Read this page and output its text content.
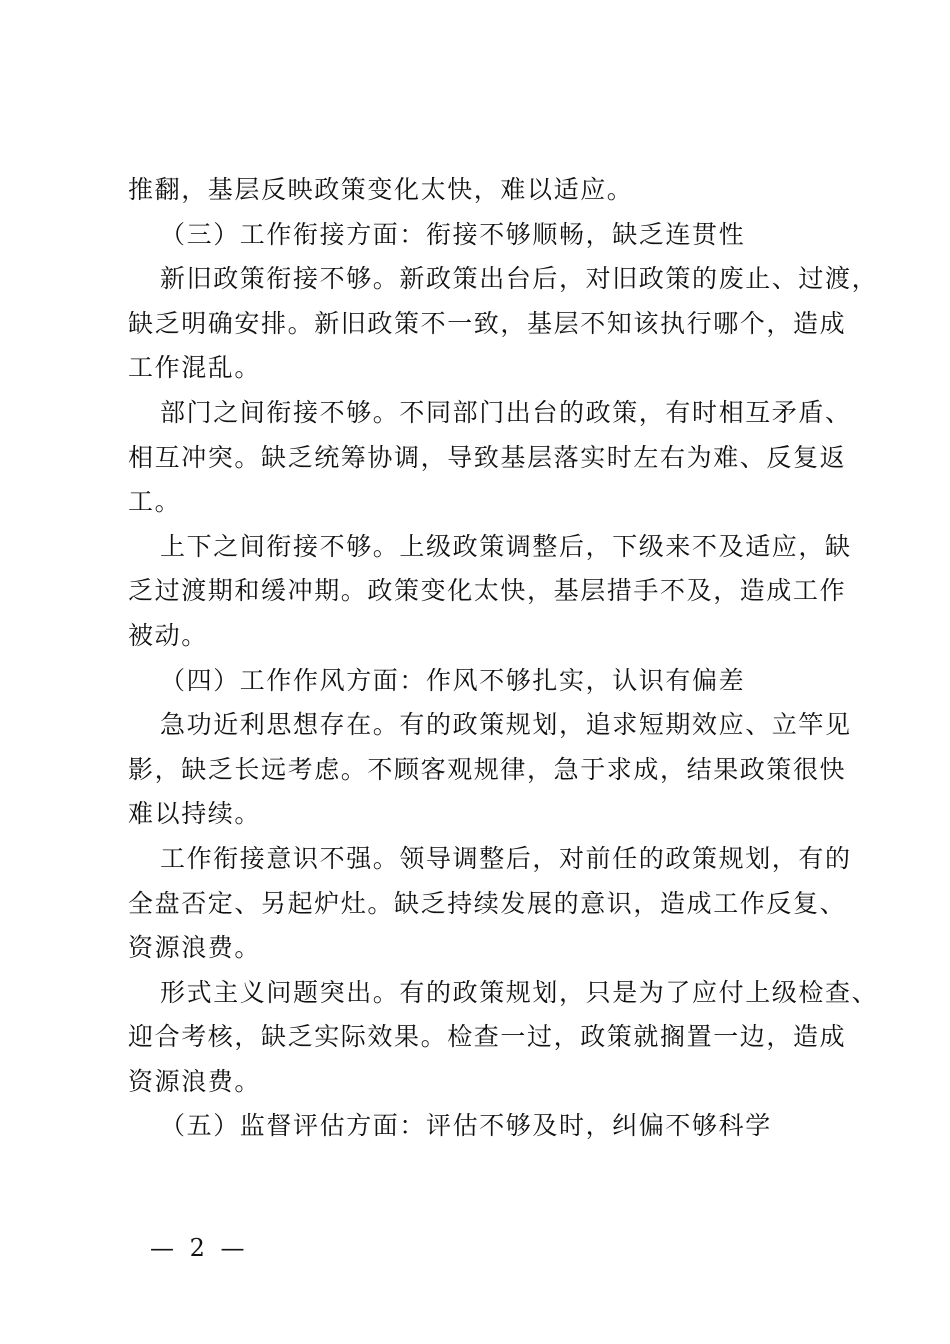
推翻，基层反映政策变化太快，难以适应。
（三）工作衔接方面：衔接不够顺畅，缺乏连贯性
新旧政策衔接不够。新政策出台后，对旧政策的废止、过渡，
缺乏明确安排。新旧政策不一致，基层不知该执行哪个，造成
工作混乱。
部门之间衔接不够。不同部门出台的政策，有时相互矛盾、
相互冲突。缺乏统筹协调，导致基层落实时左右为难、反复返
工。
上下之间衔接不够。上级政策调整后，下级来不及适应，缺
乏过渡期和缓冲期。政策变化太快，基层措手不及，造成工作
被动。
（四）工作作风方面：作风不够扎实，认识有偏差
急功近利思想存在。有的政策规划，追求短期效应、立竿见
影，缺乏长远考虑。不顾客观规律，急于求成，结果政策很快
难以持续。
工作衔接意识不强。领导调整后，对前任的政策规划，有的
全盘否定、另起炉灶。缺乏持续发展的意识，造成工作反复、
资源浪费。
形式主义问题突出。有的政策规划，只是为了应付上级检查、
迎合考核，缺乏实际效果。检查一过，政策就搁置一边，造成
资源浪费。
（五）监督评估方面：评估不够及时，纠偏不够科学
— 2 —
